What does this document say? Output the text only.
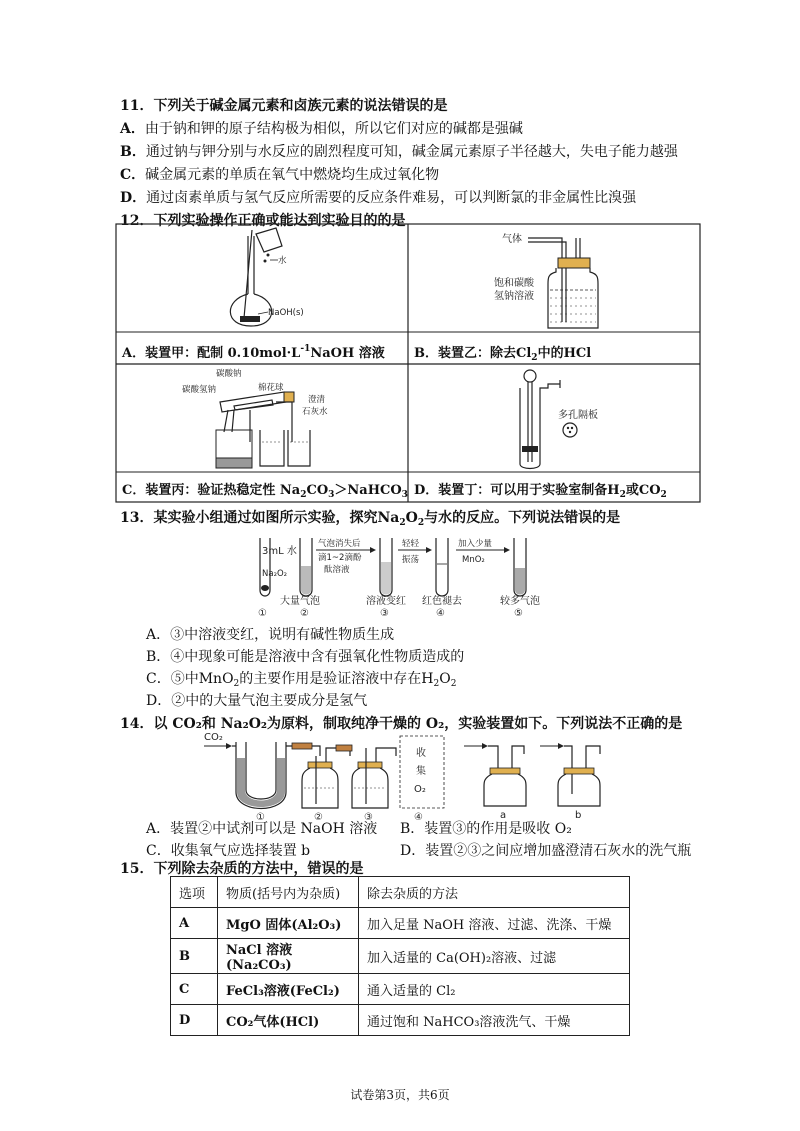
11．下列关于碱金属元素和卤族元素的说法错误的是
A．由于钠和钾的原子结构极为相似，所以它们对应的碱都是强碱
B．通过钠与钾分别与水反应的剧烈程度可知，碱金属元素原子半径越大，失电子能力越强
C．碱金属元素的单质在氧气中燃烧均生成过氧化物
D．通过卤素单质与氢气反应所需要的反应条件难易，可以判断氯的非金属性比溴强
12．下列实验操作正确或能达到实验目的的是
水
NaOH(s)
A．装置甲：配制 $0.10mol\cdot L^{-1}NaOH$ 溶液
气体
饱和碳酸
氢钠溶液
B．装置乙：除去$Cl_2$中的HCl
碳酸钠
碳酸氢钠	棉花球
澄清
石灰水
C．装置丙：验证热稳定性 $Na_2CO_3>NaHCO_3$
多孔隔板
D．装置丁：可以用于实验室制备$H_2$或$CO_2$
13．某实验小组通过如图所示实验，探究$Na_2O_2$与水的反应。下列说法错误的是
3mL 水
Na₂O₂
①
大量气泡
②
气泡消失后
滴1~2滴酚
酞溶液
溶液变红
③
轻轻
振荡
红色褪去
④
加入少量
MnO₂
较多气泡
⑤
A．③中溶液变红，说明有碱性物质生成
B．④中现象可能是溶液中含有强氧化性物质造成的
C．⑤中MnO$_2$的主要作用是验证溶液中存在$H_2O_2$
D．②中的大量气泡主要成分是氢气
14．以 CO₂和 Na₂O₂为原料，制取纯净干燥的 O₂，实验装置如下。下列说法不正确的是
CO₂
①	②	③
收
集
O₂
④	a	b
A．装置②中试剂可以是 NaOH 溶液 B．装置③的作用是吸收 O₂
C．收集氧气应选择装置 b	D．装置②③之间应增加盛澄清石灰水的洗气瓶
15．下列除去杂质的方法中，错误的是
选项	物质(括号内为杂质)	除去杂质的方法
A	MgO 固体(Al₂O₃)	加入足量 NaOH 溶液、过滤、洗涤、干燥
B	NaCl 溶液(Na₂CO₃)	加入适量的 Ca(OH)₂溶液、过滤
C	FeCl₃溶液(FeCl₂)	通入适量的 Cl₂
D	CO₂气体(HCl)	通过饱和 NaHCO₃溶液洗气、干燥
试卷第3页，共6页
